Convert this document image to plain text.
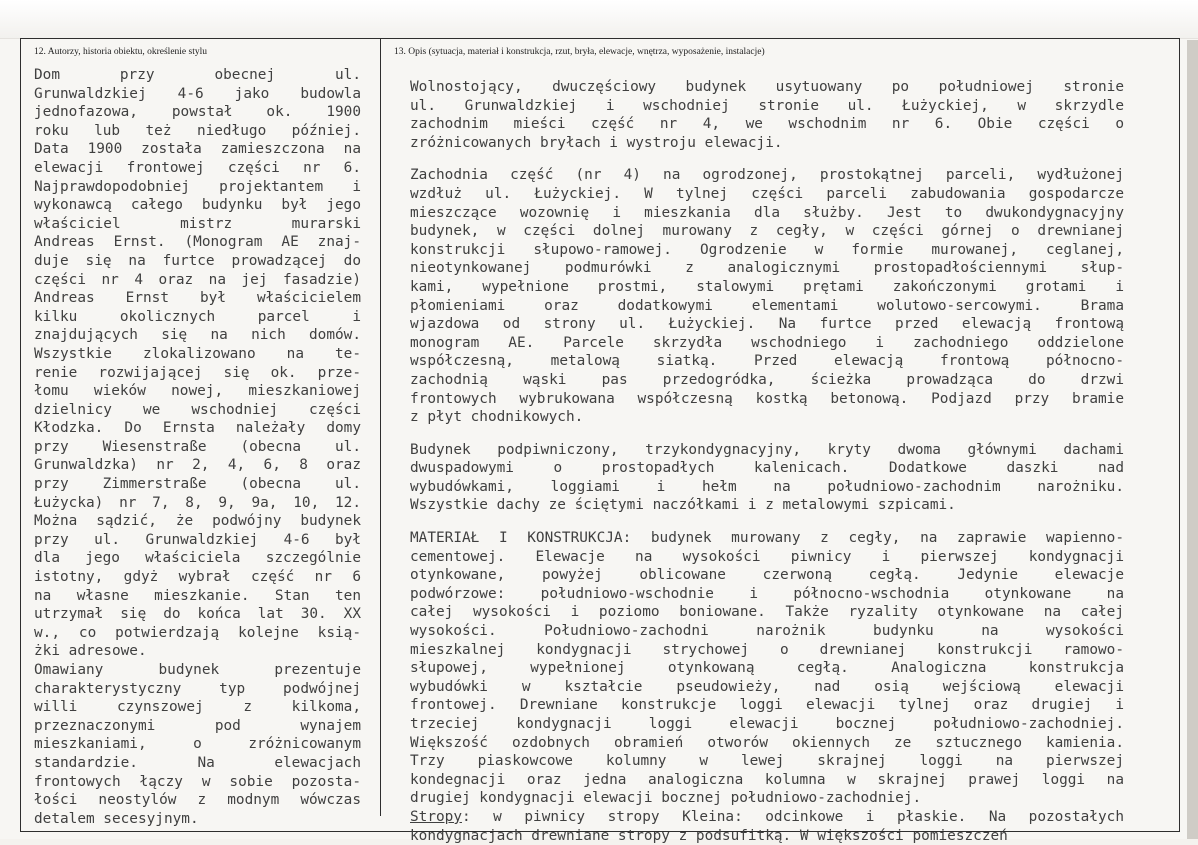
12. Autorzy, historia obiektu, określenie stylu	13. Opis (sytuacja, materiał i konstrukcja, rzut, bryła, elewacje, wnętrza, wyposażenie, instalacje)

Dom przy obecnej ul.
Grunwaldzkiej 4-6 jako budowla
jednofazowa, powstał ok. 1900
roku lub też niedługo później.
Data 1900 została zamieszczona na
elewacji frontowej części nr 6.
Najprawdopodobniej projektantem i
wykonawcą całego budynku był jego
właściciel mistrz murarski
Andreas Ernst. (Monogram AE znaj-
duje się na furtce prowadzącej do
części nr 4 oraz na jej fasadzie)
Andreas Ernst był właścicielem
kilku okolicznych parcel i
znajdujących się na nich domów.
Wszystkie zlokalizowano na te-
renie rozwijającej się ok. prze-
łomu wieków nowej, mieszkaniowej
dzielnicy we wschodniej części
Kłodzka. Do Ernsta należały domy
przy Wiesenstraße (obecna ul.
Grunwaldzka) nr 2, 4, 6, 8 oraz
przy Zimmerstraße (obecna ul.
Łużycka) nr 7, 8, 9, 9a, 10, 12.
Można sądzić, że podwójny budynek
przy ul. Grunwaldzkiej 4-6 był
dla jego właściciela szczególnie
istotny, gdyż wybrał część nr 6
na własne mieszkanie. Stan ten
utrzymał się do końca lat 30. XX
w., co potwierdzają kolejne ksią-
żki adresowe.

Omawiany budynek prezentuje
charakterystyczny typ podwójnej
willi czynszowej z kilkoma,
przeznaczonymi pod wynajem
mieszkaniami, o zróżnicowanym
standardzie. Na elewacjach
frontowych łączy w sobie pozosta-
łości neostylów z modnym wówczas
detalem secesyjnym.

Wolnostojący, dwuczęściowy budynek usytuowany po południowej stronie
ul. Grunwaldzkiej i wschodniej stronie ul. Łużyckiej, w skrzydle
zachodnim mieści część nr 4, we wschodnim nr 6. Obie części o
zróżnicowanych bryłach i wystroju elewacji.

Zachodnia część (nr 4) na ogrodzonej, prostokątnej parceli, wydłużonej
wzdłuż ul. Łużyckiej. W tylnej części parceli zabudowania gospodarcze
mieszczące wozownię i mieszkania dla służby. Jest to dwukondygnacyjny
budynek, w części dolnej murowany z cegły, w części górnej o drewnianej
konstrukcji słupowo-ramowej. Ogrodzenie w formie murowanej, ceglanej,
nieotynkowanej podmurówki z analogicznymi prostopadłościennymi słup-
kami, wypełnione prostmi, stalowymi prętami zakończonymi grotami i
płomieniami oraz dodatkowymi elementami wolutowo-sercowymi. Brama
wjazdowa od strony ul. Łużyckiej. Na furtce przed elewacją frontową
monogram AE. Parcele skrzydła wschodniego i zachodniego oddzielone
współczesną, metalową siatką. Przed elewacją frontową północno-
zachodnią wąski pas przedogródka, ścieżka prowadząca do drzwi
frontowych wybrukowana współczesną kostką betonową. Podjazd przy bramie
z płyt chodnikowych.

Budynek podpiwniczony, trzykondygnacyjny, kryty dwoma głównymi dachami
dwuspadowymi o prostopadłych kalenicach. Dodatkowe daszki nad
wybudówkami, loggiami i hełm na południowo-zachodnim narożniku.
Wszystkie dachy ze ściętymi naczółkami i z metalowymi szpicami.

MATERIAŁ I KONSTRUKCJA: budynek murowany z cegły, na zaprawie wapienno-
cementowej. Elewacje na wysokości piwnicy i pierwszej kondygnacji
otynkowane, powyżej oblicowane czerwoną cegłą. Jedynie elewacje
podwórzowe: południowo-wschodnie i północno-wschodnia otynkowane na
całej wysokości i poziomo boniowane. Także ryzality otynkowane na całej
wysokości. Południowo-zachodni narożnik budynku na wysokości
mieszkalnej kondygnacji strychowej o drewnianej konstrukcji ramowo-
słupowej, wypełnionej otynkowaną cegłą. Analogiczna konstrukcja
wybudówki w kształcie pseudowieży, nad osią wejściową elewacji
frontowej. Drewniane konstrukcje loggi elewacji tylnej oraz drugiej i
trzeciej kondygnacji loggi elewacji bocznej południowo-zachodniej.
Większość ozdobnych obramień otworów okiennych ze sztucznego kamienia.
Trzy piaskowcowe kolumny w lewej skrajnej loggi na pierwszej
kondegnacji oraz jedna analogiczna kolumna w skrajnej prawej loggi na
drugiej kondygnacji elewacji bocznej południowo-zachodniej.

Stropy: w piwnicy stropy Kleina: odcinkowe i płaskie. Na pozostałych
kondygnacjach drewniane stropy z podsufitką. W większości pomieszczeń
